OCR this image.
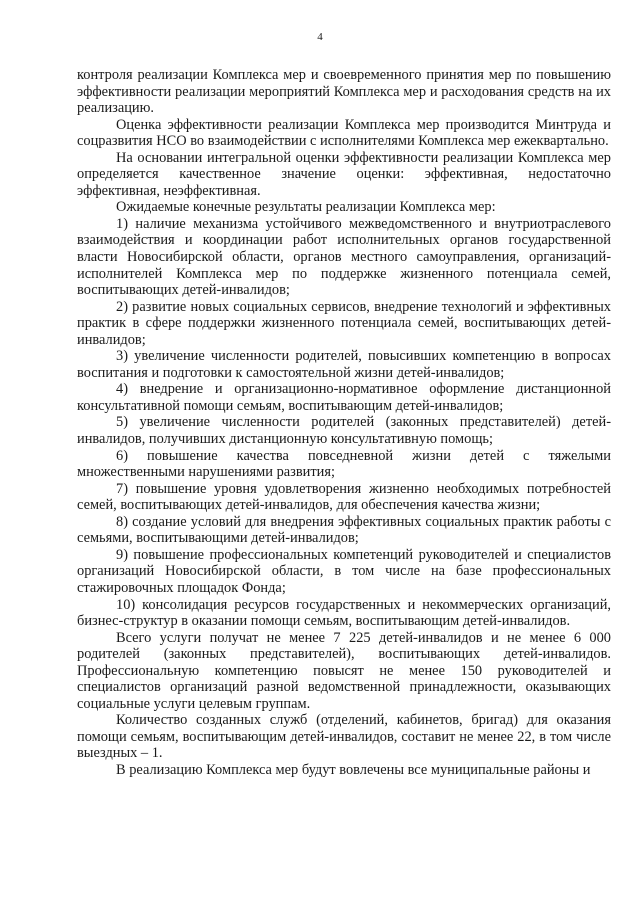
4

контроля реализации Комплекса мер и своевременного принятия мер по повышению эффективности реализации мероприятий Комплекса мер и расходования средств на их реализацию.

Оценка эффективности реализации Комплекса мер производится Минтруда и соцразвития НСО во взаимодействии с исполнителями Комплекса мер ежеквартально.

На основании интегральной оценки эффективности реализации Комплекса мер определяется качественное значение оценки: эффективная, недостаточно эффективная, неэффективная.

Ожидаемые конечные результаты реализации Комплекса мер:

1) наличие механизма устойчивого межведомственного и внутриотраслевого взаимодействия и координации работ исполнительных органов государственной власти Новосибирской области, органов местного самоуправления, организаций-исполнителей Комплекса мер по поддержке жизненного потенциала семей, воспитывающих детей-инвалидов;

2) развитие новых социальных сервисов, внедрение технологий и эффективных практик в сфере поддержки жизненного потенциала семей, воспитывающих детей-инвалидов;

3) увеличение численности родителей, повысивших компетенцию в вопросах воспитания и подготовки к самостоятельной жизни детей-инвалидов;

4) внедрение и организационно-нормативное оформление дистанционной консультативной помощи семьям, воспитывающим детей-инвалидов;

5) увеличение численности родителей (законных представителей) детей-инвалидов, получивших дистанционную консультативную помощь;

6) повышение качества повседневной жизни детей с тяжелыми множественными нарушениями развития;

7) повышение уровня удовлетворения жизненно необходимых потребностей семей, воспитывающих детей-инвалидов, для обеспечения качества жизни;

8) создание условий для внедрения эффективных социальных практик работы с семьями, воспитывающими детей-инвалидов;

9) повышение профессиональных компетенций руководителей и специалистов организаций Новосибирской области, в том числе на базе профессиональных стажировочных площадок Фонда;

10) консолидация ресурсов государственных и некоммерческих организаций, бизнес-структур в оказании помощи семьям, воспитывающим детей-инвалидов.

Всего услуги получат не менее 7 225 детей-инвалидов и не менее 6 000 родителей (законных представителей), воспитывающих детей-инвалидов. Профессиональную компетенцию повысят не менее 150 руководителей и специалистов организаций разной ведомственной принадлежности, оказывающих социальные услуги целевым группам.

Количество созданных служб (отделений, кабинетов, бригад) для оказания помощи семьям, воспитывающим детей-инвалидов, составит не менее 22, в том числе выездных – 1.

В реализацию Комплекса мер будут вовлечены все муниципальные районы и
